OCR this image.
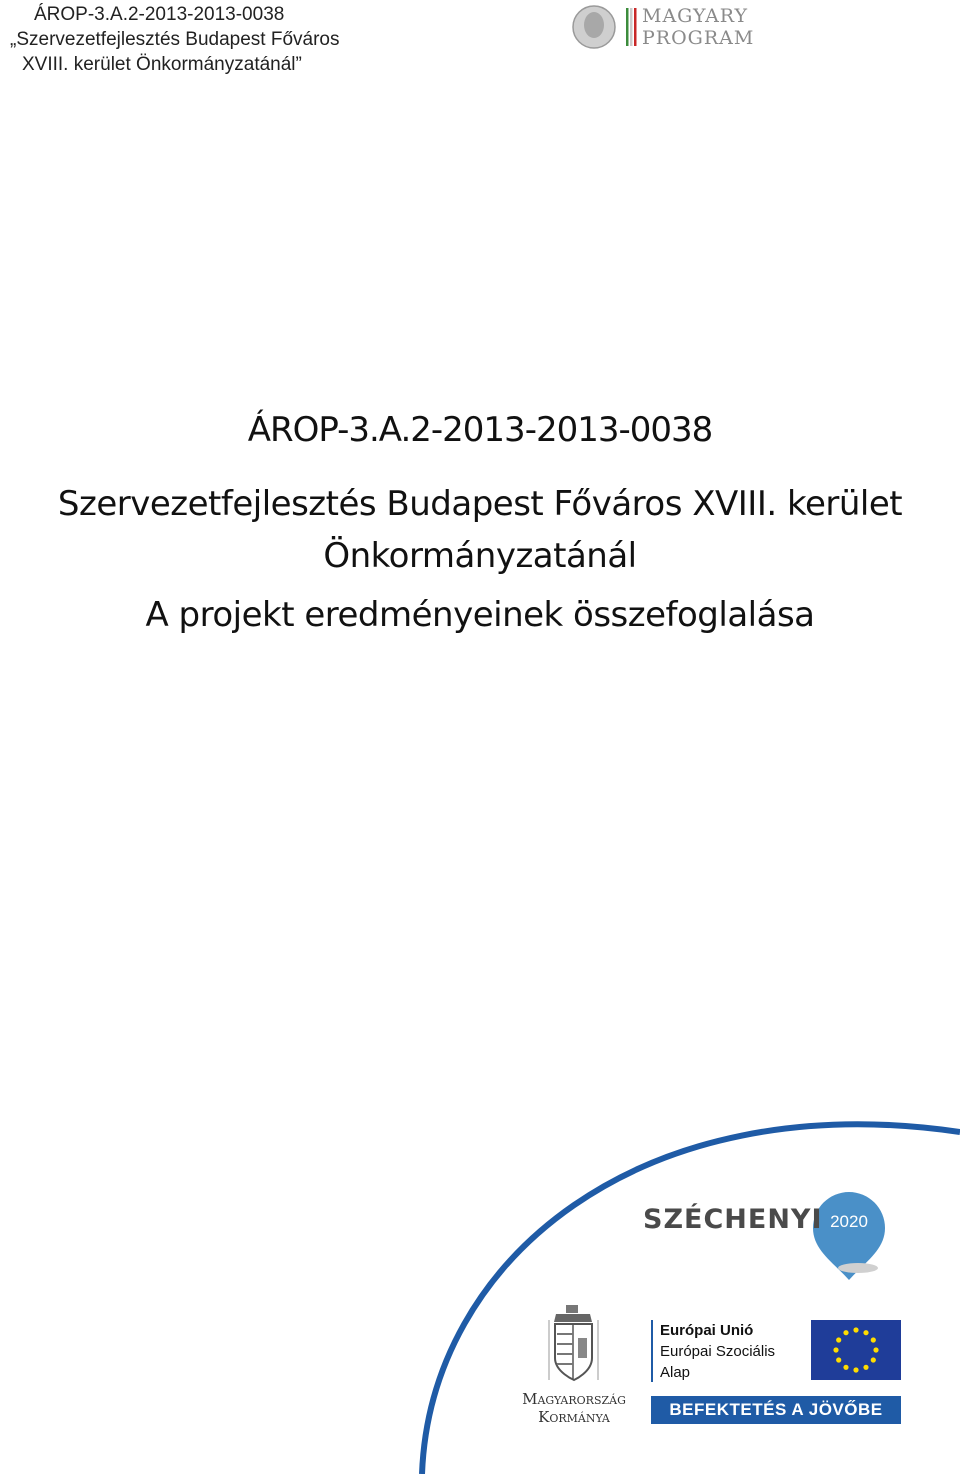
ÁROP-3.A.2-2013-2013-0038
„Szervezetfejlesztés Budapest Főváros
XVIII. kerület Önkormányzatánál”
MAGYARY
PROGRAM
ÁROP-3.A.2-2013-2013-0038
Szervezetfejlesztés Budapest Főváros XVIII. kerület
Önkormányzatánál
A projekt eredményeinek összefoglalása
SZÉCHENYI 2020
Magyarország
Kormánya
Európai Unió
Európai Szociális
Alap
BEFEKTETÉS A JÖVŐBE
